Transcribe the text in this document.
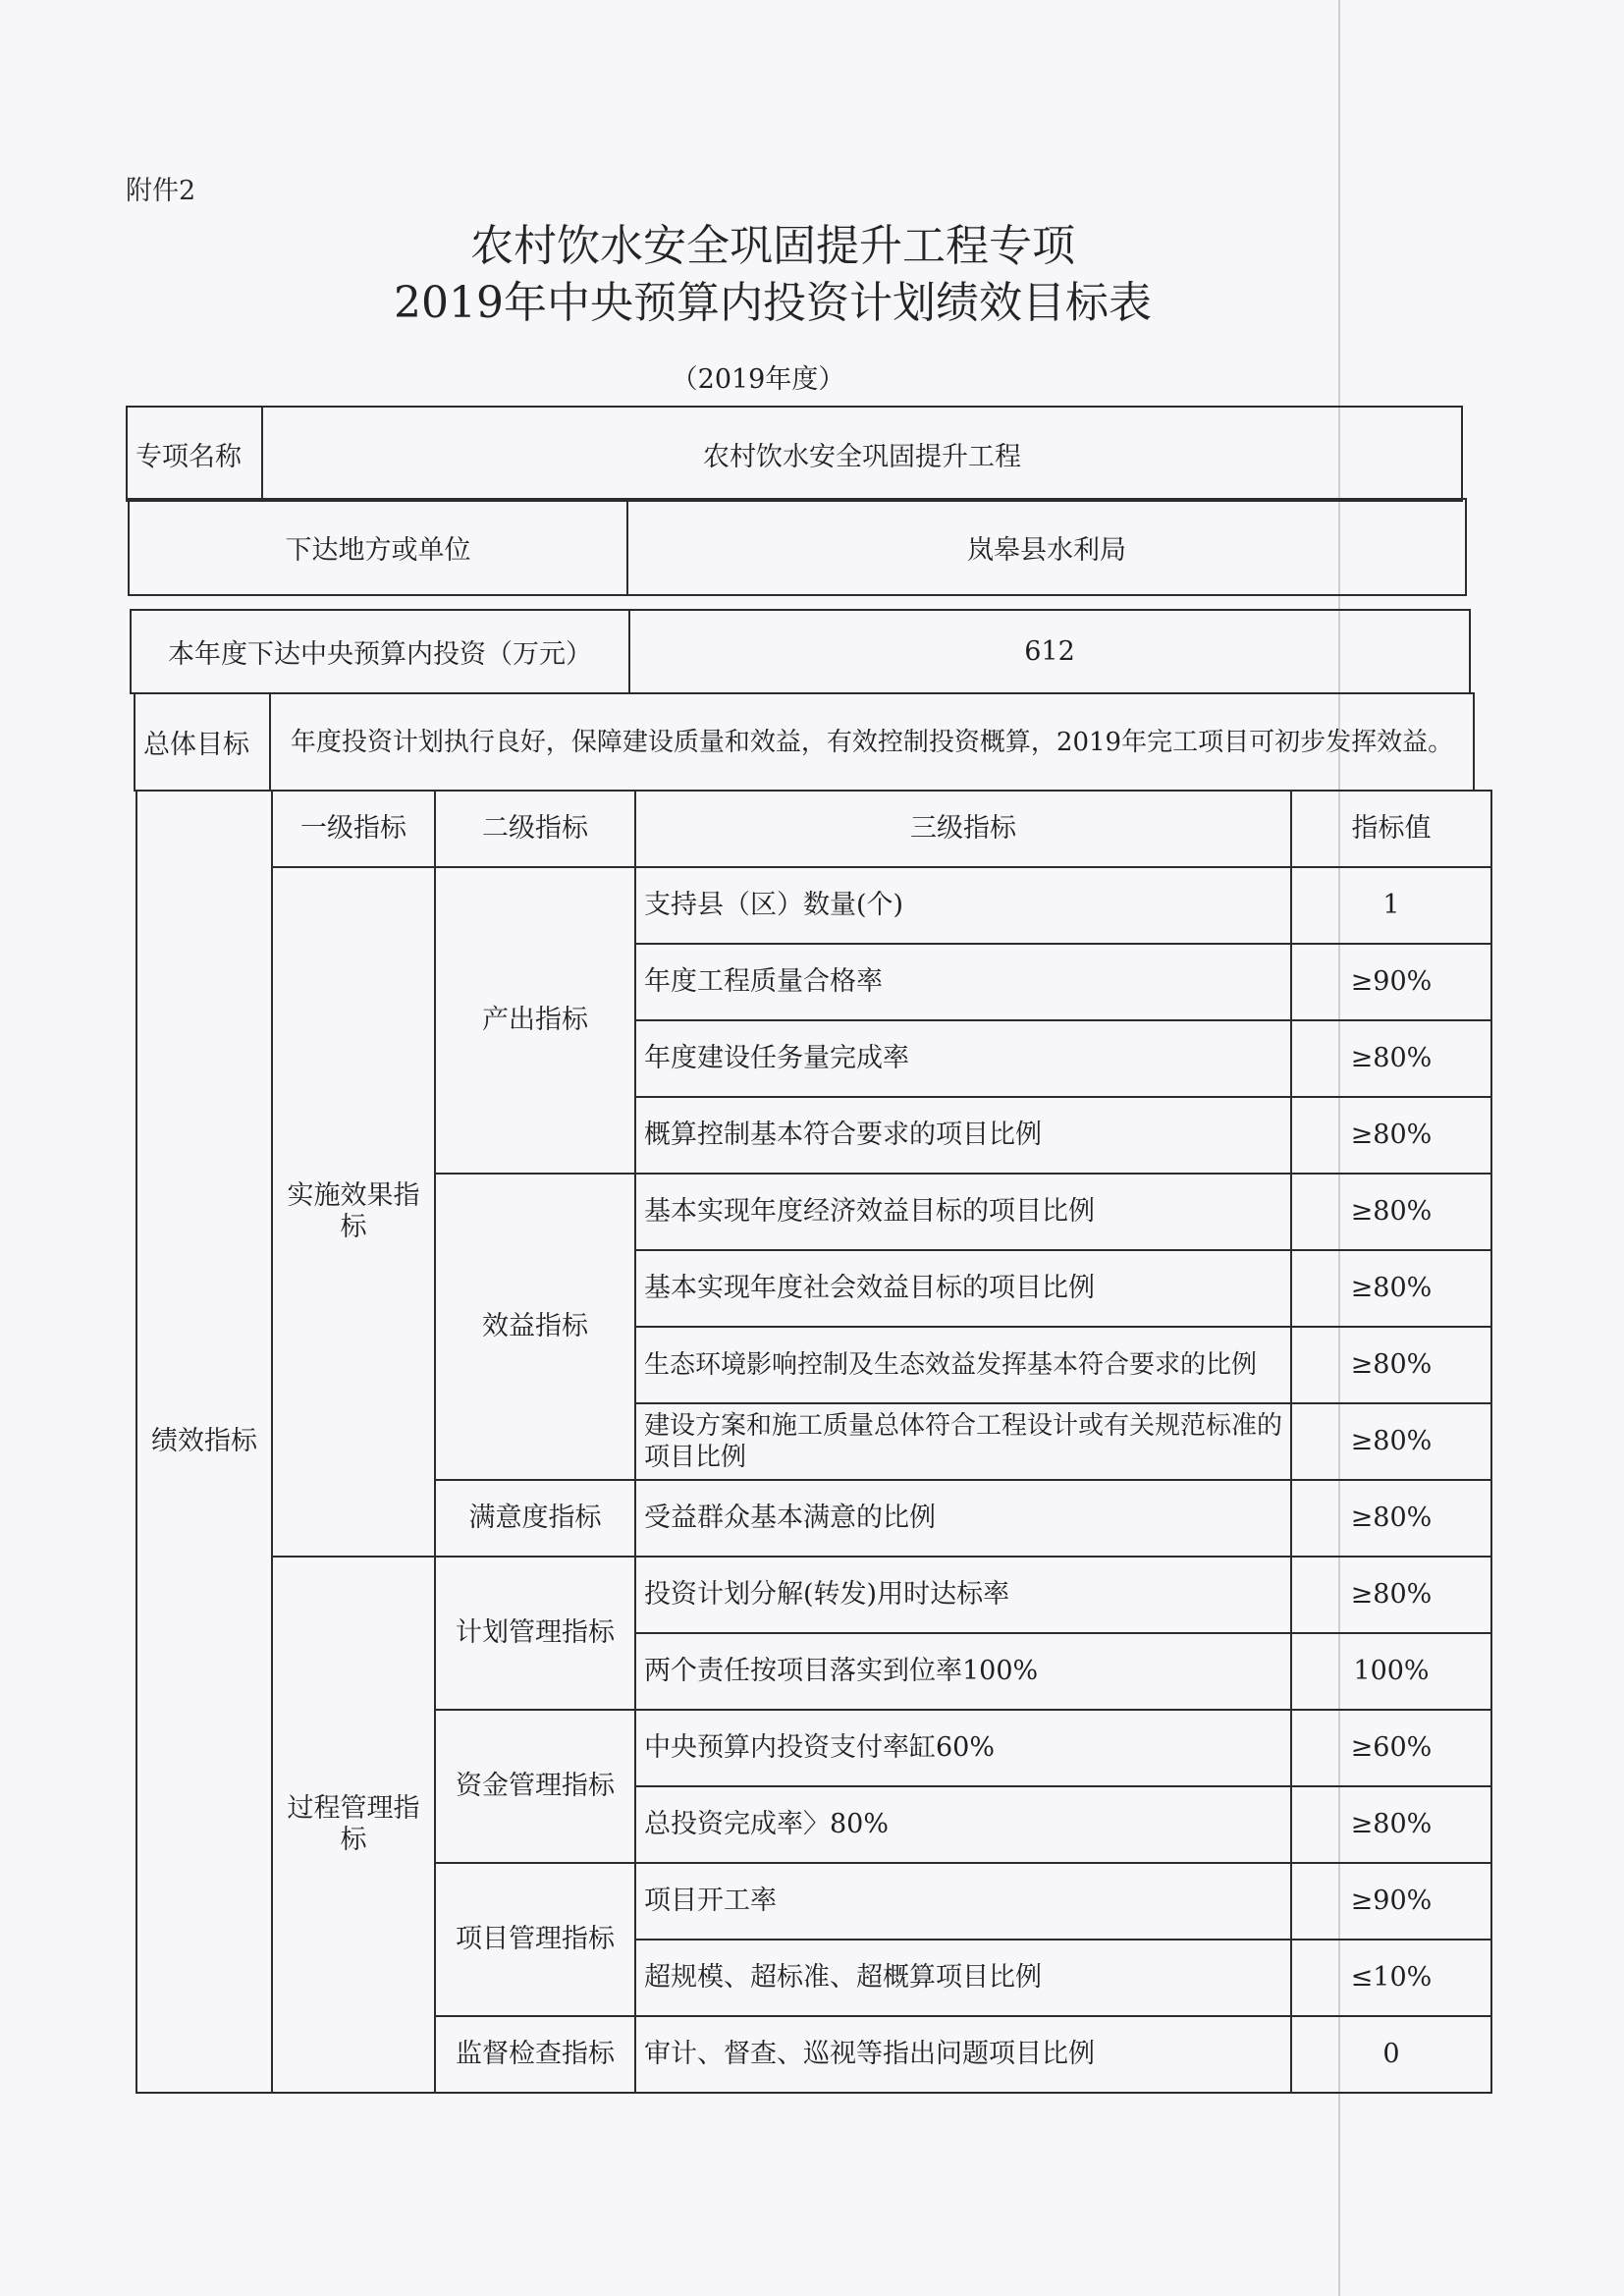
附件2
农村饮水安全巩固提升工程专项
2019年中央预算内投资计划绩效目标表
（2019年度）
专项名称	农村饮水安全巩固提升工程
下达地方或单位	岚皋县水利局
本年度下达中央预算内投资（万元）	612
总体目标	年度投资计划执行良好，保障建设质量和效益，有效控制投资概算，2019年完工项目可初步发挥效益。
绩效指标	一级指标	二级指标	三级指标	指标值
	实施效果指标	产出指标	支持县（区）数量(个)	1
			年度工程质量合格率	≥90%
			年度建设任务量完成率	≥80%
			概算控制基本符合要求的项目比例	≥80%
		效益指标	基本实现年度经济效益目标的项目比例	≥80%
			基本实现年度社会效益目标的项目比例	≥80%
			生态环境影响控制及生态效益发挥基本符合要求的比例	≥80%
			建设方案和施工质量总体符合工程设计或有关规范标准的项目比例	≥80%
		满意度指标	受益群众基本满意的比例	≥80%
	过程管理指标	计划管理指标	投资计划分解(转发)用时达标率	≥80%
			两个责任按项目落实到位率100%	100%
		资金管理指标	中央预算内投资支付率缸60%	≥60%
			总投资完成率〉80%	≥80%
		项目管理指标	项目开工率	≥90%
			超规模、超标准、超概算项目比例	≤10%
		监督检查指标	审计、督查、巡视等指出问题项目比例	0
